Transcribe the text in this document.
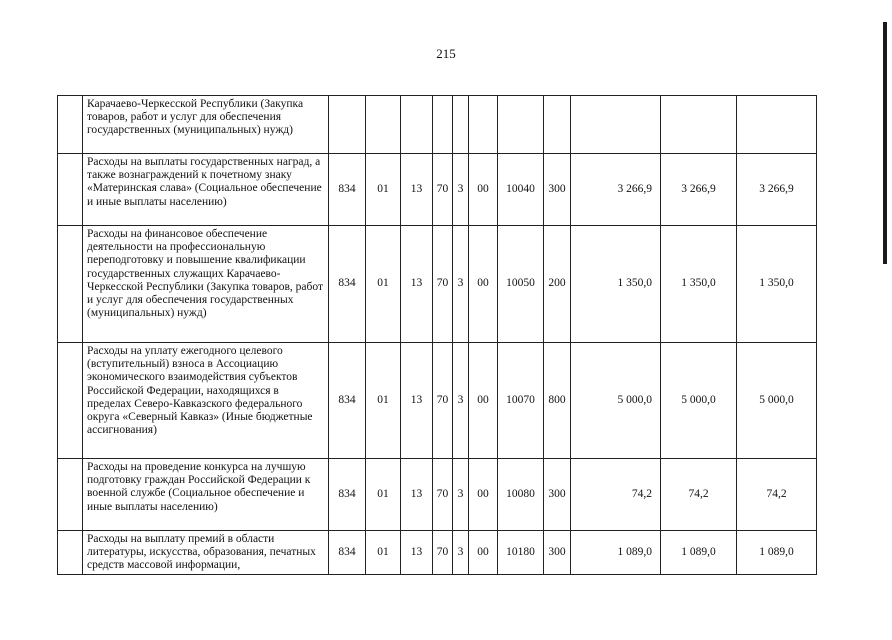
215
	Карачаево-Черкесской Республики (Закупка товаров, работ и услуг для обеспечения государственных (муниципальных) нужд)											
	Расходы на выплаты государственных наград, а также вознаграждений к почетному знаку «Материнская слава» (Социальное обеспечение и иные выплаты населению)	834	01	13	70	3	00	10040	300	3 266,9	3 266,9	3 266,9
	Расходы на финансовое обеспечение деятельности на профессиональную переподготовку и повышение квалификации государственных служащих Карачаево-Черкесской Республики (Закупка товаров, работ и услуг для обеспечения государственных (муниципальных) нужд)	834	01	13	70	3	00	10050	200	1 350,0	1 350,0	1 350,0
	Расходы на уплату ежегодного целевого (вступительный) взноса в Ассоциацию экономического взаимодействия субъектов Российской Федерации, находящихся в пределах Северо-Кавказского федерального округа «Северный Кавказ» (Иные бюджетные ассигнования)	834	01	13	70	3	00	10070	800	5 000,0	5 000,0	5 000,0
	Расходы на проведение конкурса на лучшую подготовку граждан Российской Федерации к военной службе (Социальное обеспечение и иные выплаты населению)	834	01	13	70	3	00	10080	300	74,2	74,2	74,2
	Расходы на выплату премий в области литературы, искусства, образования, печатных средств массовой информации,	834	01	13	70	3	00	10180	300	1 089,0	1 089,0	1 089,0
